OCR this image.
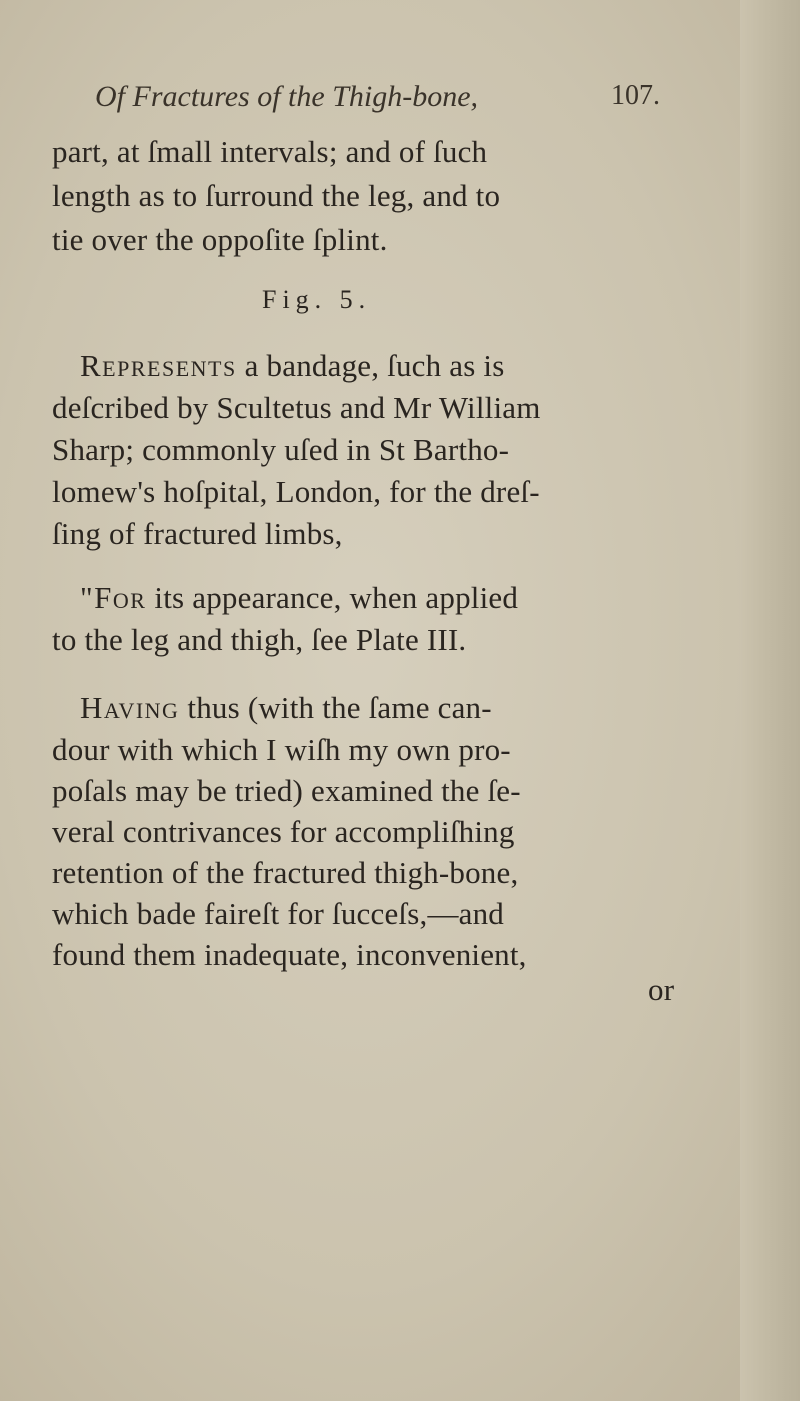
Of Fractures of the Thigh-bone,	107.
part, at ſmall intervals; and of ſuch
length as to ſurround the leg, and to
tie over the oppoſite ſplint.
Fig. 5.
Represents a bandage, ſuch as is
deſcribed by Scultetus and Mr William
Sharp; commonly uſed in St Bartho-
lomew's hoſpital, London, for the dreſ-
ſing of fractured limbs,
"For its appearance, when applied
to the leg and thigh, ſee Plate III.
Having thus (with the ſame can-
dour with which I wiſh my own pro-
poſals may be tried) examined the ſe-
veral contrivances for accompliſhing
retention of the fractured thigh-bone,
which bade faireſt for ſucceſs,—and
found them inadequate, inconvenient,
or
